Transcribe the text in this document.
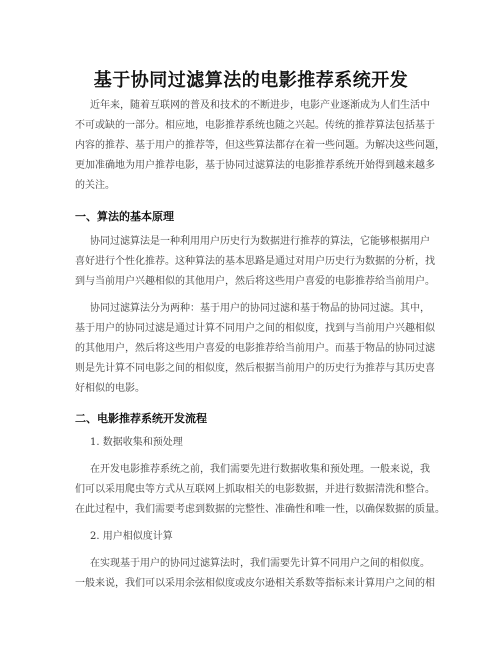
基于协同过滤算法的电影推荐系统开发
近年来，随着互联网的普及和技术的不断进步，电影产业逐渐成为人们生活中
不可或缺的一部分。相应地，电影推荐系统也随之兴起。传统的推荐算法包括基于
内容的推荐、基于用户的推荐等，但这些算法都存在着一些问题。为解决这些问题，
更加准确地为用户推荐电影，基于协同过滤算法的电影推荐系统开始得到越来越多
的关注。
一、算法的基本原理
协同过滤算法是一种利用用户历史行为数据进行推荐的算法，它能够根据用户
喜好进行个性化推荐。这种算法的基本思路是通过对用户历史行为数据的分析，找
到与当前用户兴趣相似的其他用户，然后将这些用户喜爱的电影推荐给当前用户。
协同过滤算法分为两种：基于用户的协同过滤和基于物品的协同过滤。其中，
基于用户的协同过滤是通过计算不同用户之间的相似度，找到与当前用户兴趣相似
的其他用户，然后将这些用户喜爱的电影推荐给当前用户。而基于物品的协同过滤
则是先计算不同电影之间的相似度，然后根据当前用户的历史行为推荐与其历史喜
好相似的电影。
二、电影推荐系统开发流程
1. 数据收集和预处理
在开发电影推荐系统之前，我们需要先进行数据收集和预处理。一般来说，我
们可以采用爬虫等方式从互联网上抓取相关的电影数据，并进行数据清洗和整合。
在此过程中，我们需要考虑到数据的完整性、准确性和唯一性，以确保数据的质量。
2. 用户相似度计算
在实现基于用户的协同过滤算法时，我们需要先计算不同用户之间的相似度。
一般来说，我们可以采用余弦相似度或皮尔逊相关系数等指标来计算用户之间的相
